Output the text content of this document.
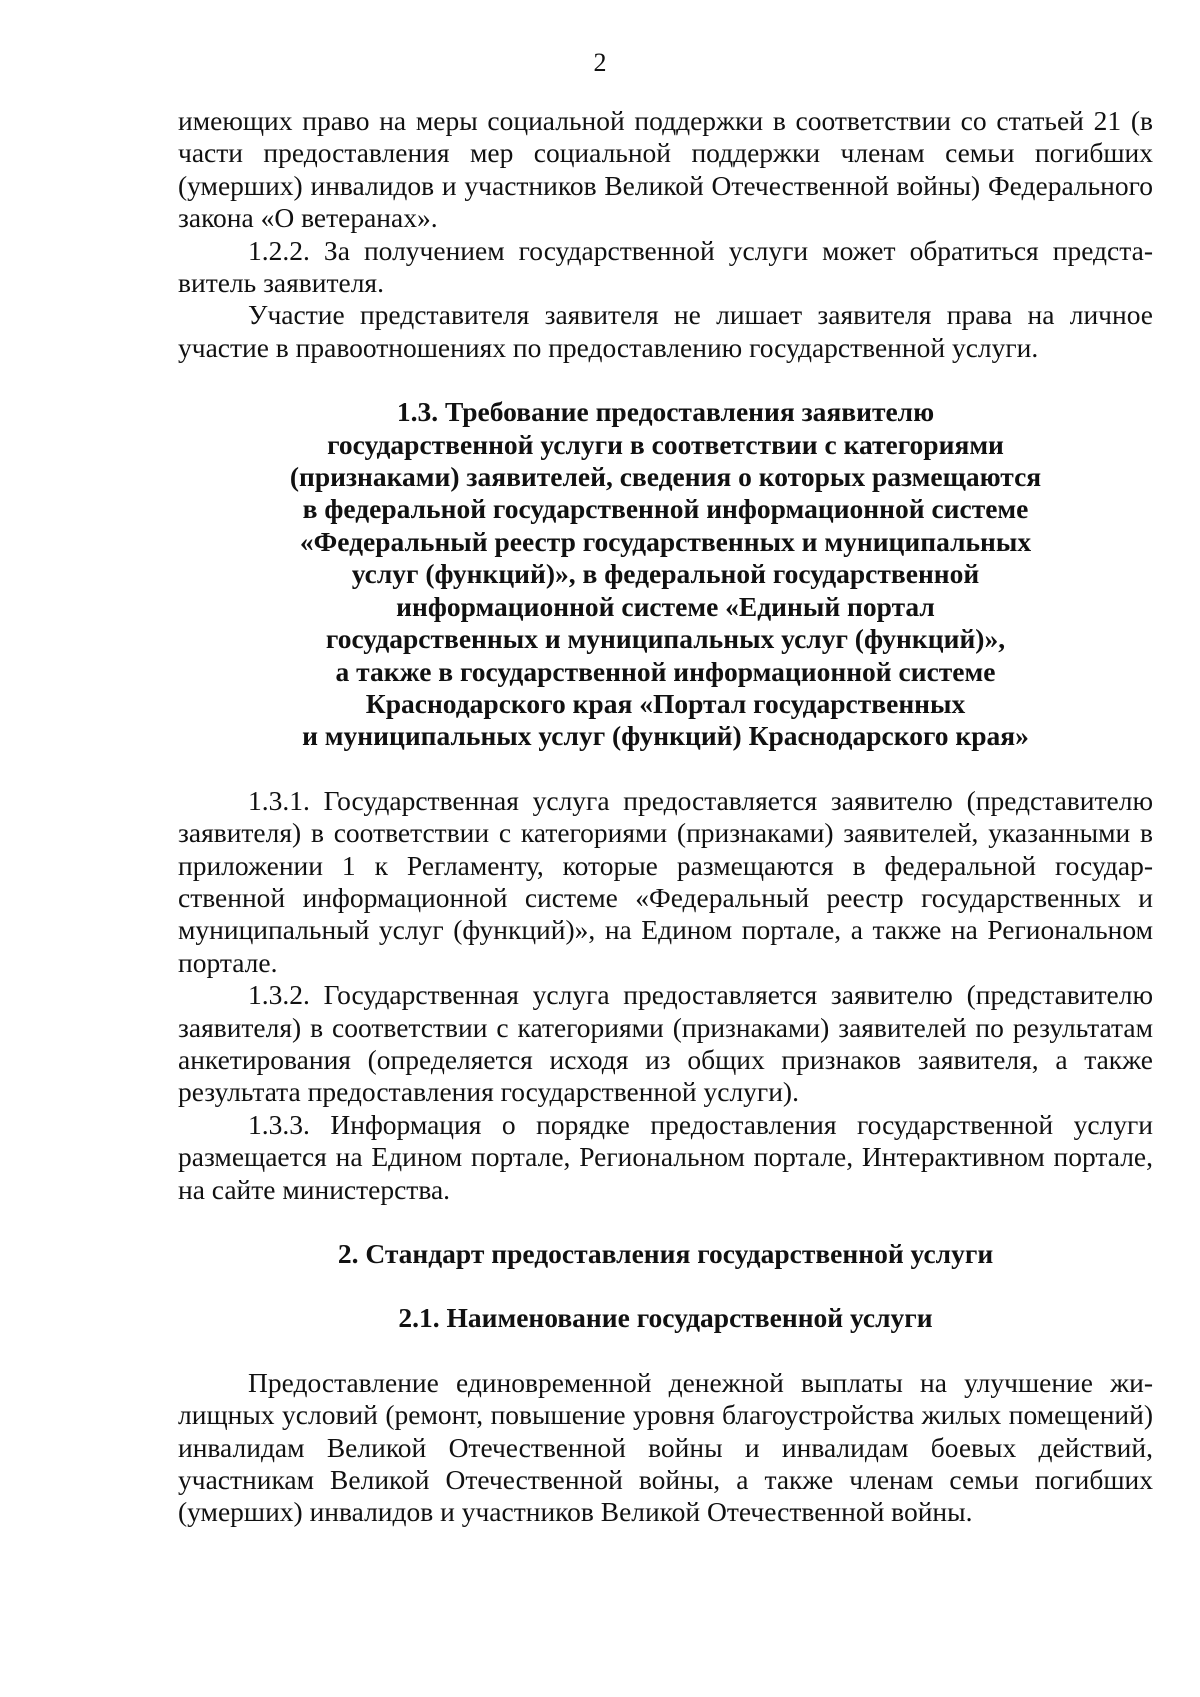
2

имеющих право на меры социальной поддержки в соответствии со статьей 21 (в части предоставления мер социальной поддержки членам семьи погибших (умерших) инвалидов и участников Великой Отечественной войны) Федерального закона «О ветеранах».

1.2.2. За получением государственной услуги может обратиться представитель заявителя.

Участие представителя заявителя не лишает заявителя права на личное участие в правоотношениях по предоставлению государственной услуги.

1.3. Требование предоставления заявителю
государственной услуги в соответствии с категориями
(признаками) заявителей, сведения о которых размещаются
в федеральной государственной информационной системе
«Федеральный реестр государственных и муниципальных
услуг (функций)», в федеральной государственной
информационной системе «Единый портал
государственных и муниципальных услуг (функций)»,
а также в государственной информационной системе
Краснодарского края «Портал государственных
и муниципальных услуг (функций) Краснодарского края»

1.3.1. Государственная услуга предоставляется заявителю (представителю заявителя) в соответствии с категориями (признаками) заявителей, указанными в приложении 1 к Регламенту, которые размещаются в федеральной государственной информационной системе «Федеральный реестр государственных и муниципальный услуг (функций)», на Едином портале, а также на Региональном портале.

1.3.2. Государственная услуга предоставляется заявителю (представителю заявителя) в соответствии с категориями (признаками) заявителей по результатам анкетирования (определяется исходя из общих признаков заявителя, а также результата предоставления государственной услуги).

1.3.3. Информация о порядке предоставления государственной услуги размещается на Едином портале, Региональном портале, Интерактивном портале, на сайте министерства.

2. Стандарт предоставления государственной услуги

2.1. Наименование государственной услуги

Предоставление единовременной денежной выплаты на улучшение жилищных условий (ремонт, повышение уровня благоустройства жилых помещений) инвалидам Великой Отечественной войны и инвалидам боевых действий, участникам Великой Отечественной войны, а также членам семьи погибших (умерших) инвалидов и участников Великой Отечественной войны.
